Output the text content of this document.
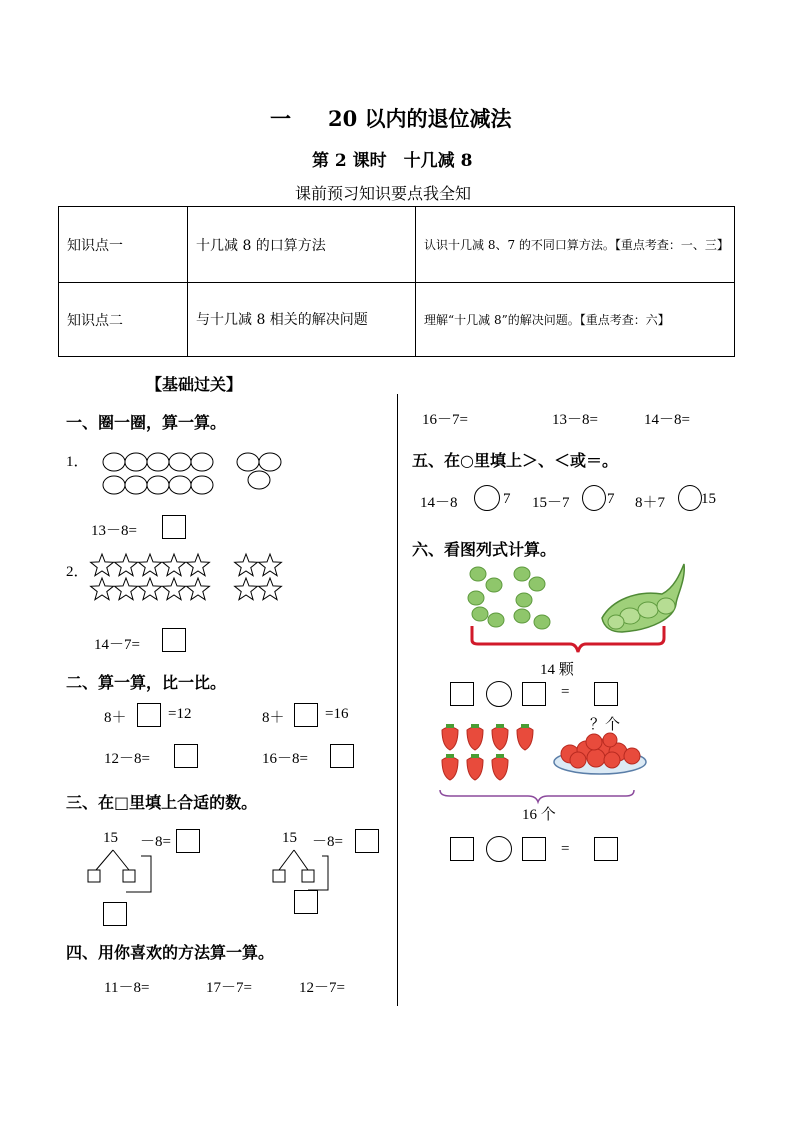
一 20 以内的退位减法
第 2 课时　十几减 8
课前预习知识要点我全知
知识点一	十几减 8 的口算方法	认识十几减 8、7 的不同口算方法。【重点考查：一、三】
知识点二	与十几减 8 相关的解决问题	理解“十几减 8”的解决问题。【重点考查：六】
【基础过关】
一、圈一圈，算一算。
1．
13－8=
2．
14－7=
二、算一算，比一比。
8＋	=12	8＋	=16
12－8=	16－8=
三、在□里填上合适的数。
15 －8=	15 －8=
四、用你喜欢的方法算一算。
11－8=	17－7=	12－7=
16－7=	13－8=	14－8=
五、在○里填上＞、＜或＝。
14－8	7 15－7 7 8＋7 15
六、看图列式计算。
14 颗
=
？个
16 个
=
